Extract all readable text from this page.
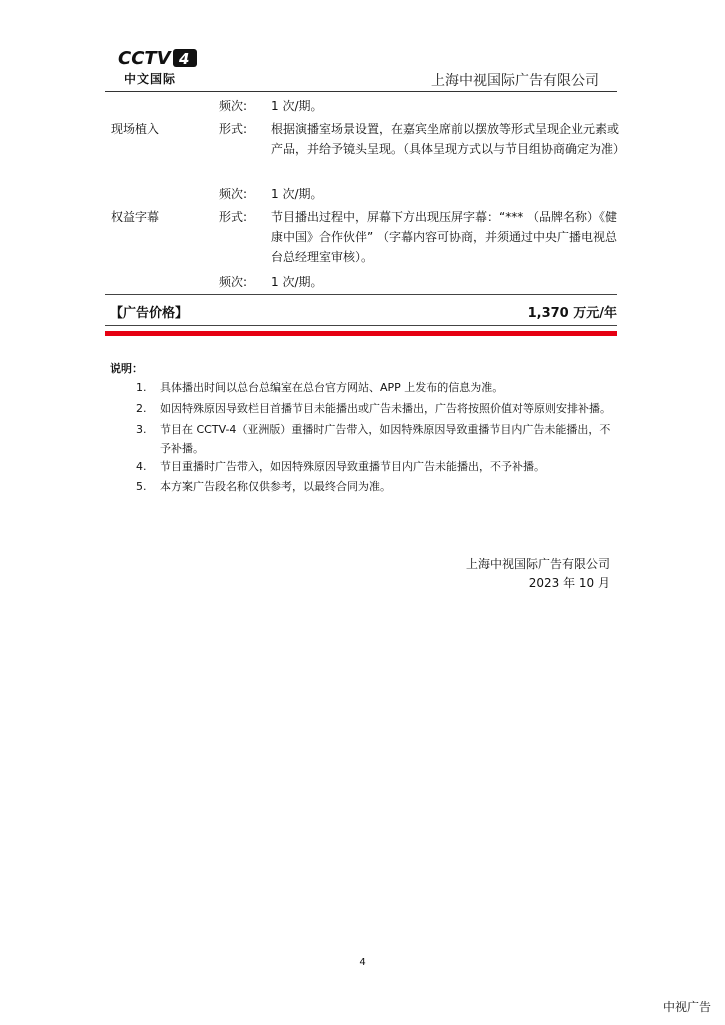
CCTV 4
中文国际	上海中视国际广告有限公司
频次: 1 次/期。
现场植入	形式: 根据演播室场景设置，在嘉宾坐席前以摆放等形式呈现企业元素或产品，并给予镜头呈现。（具体呈现方式以与节目组协商确定为准）
频次: 1 次/期。
权益字幕	形式: 节目播出过程中，屏幕下方出现压屏字幕：“*** （品牌名称）《健康中国》合作伙伴” （字幕内容可协商，并须通过中央广播电视总台总经理室审核）。
频次: 1 次/期。
【广告价格】	1,370 万元/年
说明：
1. 具体播出时间以总台总编室在总台官方网站、APP 上发布的信息为准。
2. 如因特殊原因导致栏目首播节目未能播出或广告未播出，广告将按照价值对等原则安排补播。
3. 节目在 CCTV-4（亚洲版）重播时广告带入，如因特殊原因导致重播节目内广告未能播出，不予补播。
4. 节目重播时广告带入，如因特殊原因导致重播节目内广告未能播出，不予补播。
5. 本方案广告段名称仅供参考，以最终合同为准。
上海中视国际广告有限公司
2023 年 10 月
4
中视广告
